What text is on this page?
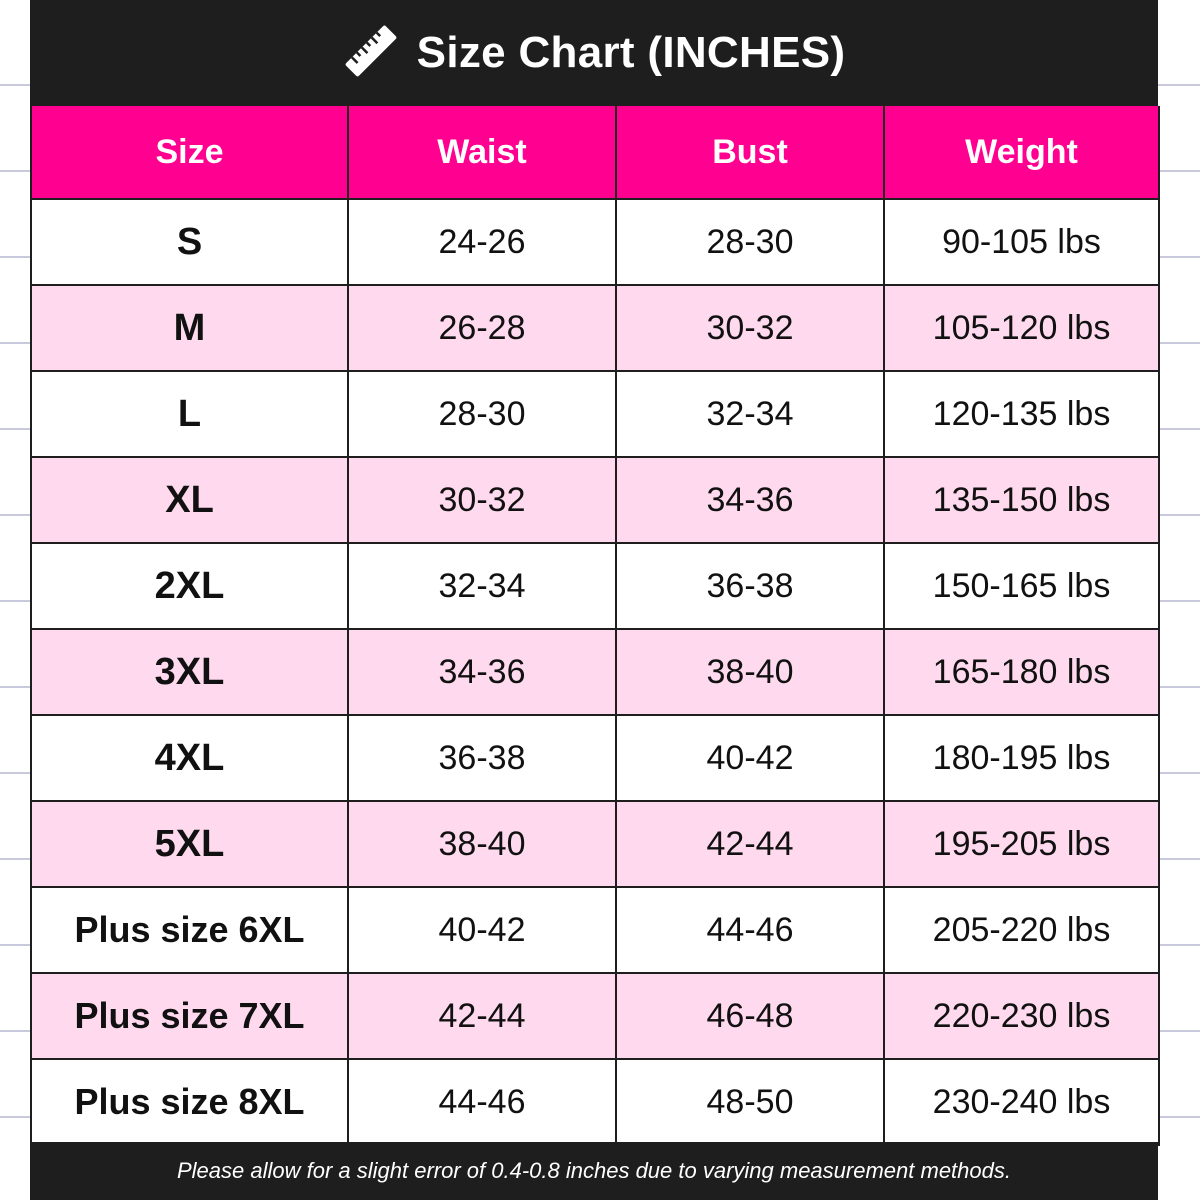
Size Chart (INCHES)
Size	Waist	Bust	Weight
S	24-26	28-30	90-105 lbs
M	26-28	30-32	105-120 lbs
L	28-30	32-34	120-135 lbs
XL	30-32	34-36	135-150 lbs
2XL	32-34	36-38	150-165 lbs
3XL	34-36	38-40	165-180 lbs
4XL	36-38	40-42	180-195 lbs
5XL	38-40	42-44	195-205 lbs
Plus size 6XL	40-42	44-46	205-220 lbs
Plus size 7XL	42-44	46-48	220-230 lbs
Plus size 8XL	44-46	48-50	230-240 lbs
Please allow for a slight error of 0.4-0.8 inches due to varying measurement methods.
